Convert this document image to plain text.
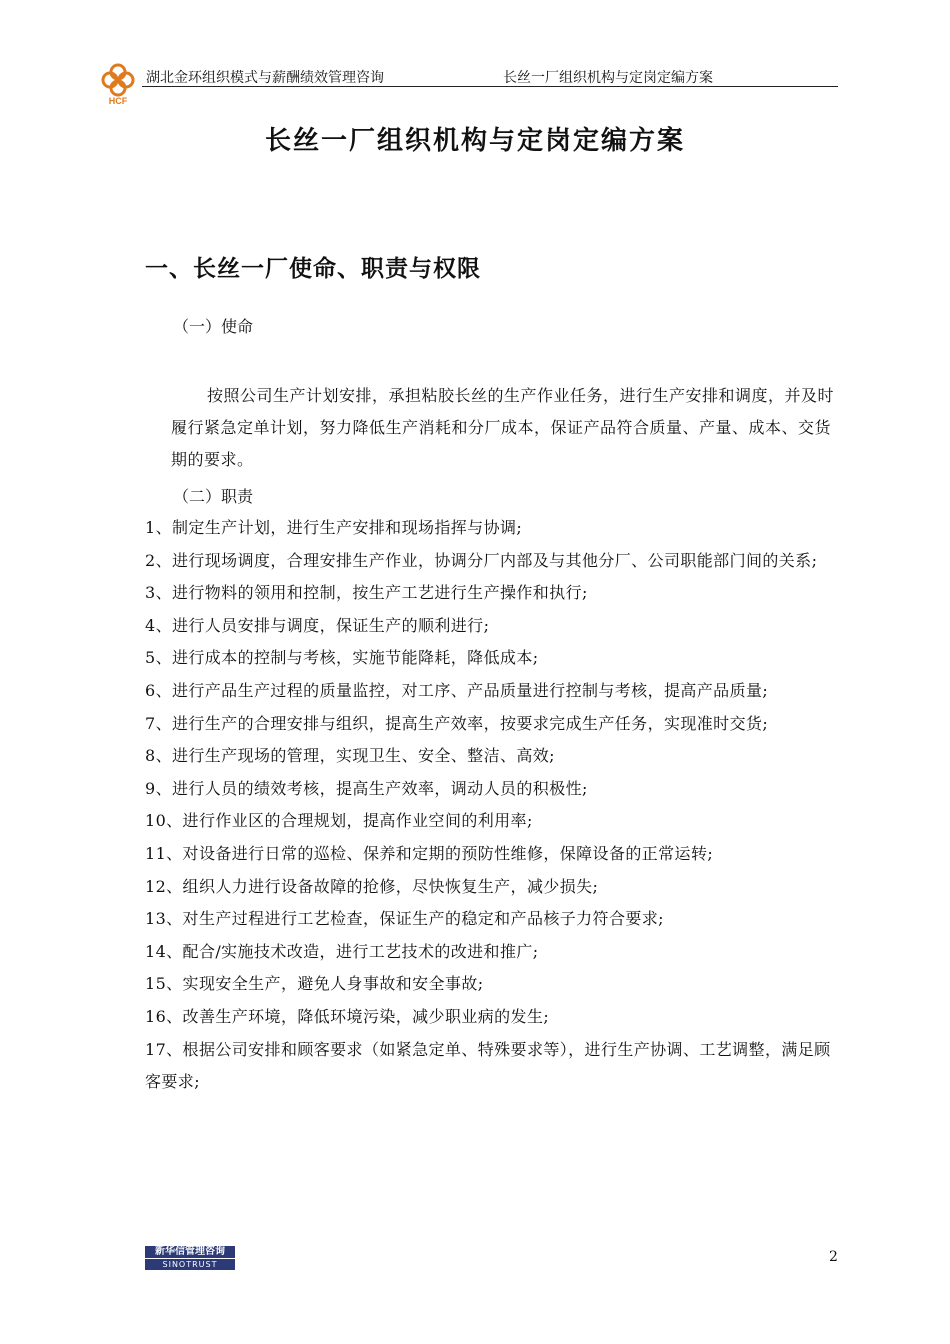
HCF
湖北金环组织模式与薪酬绩效管理咨询	长丝一厂组织机构与定岗定编方案
长丝一厂组织机构与定岗定编方案
一、长丝一厂使命、职责与权限
（一）使命

按照公司生产计划安排，承担粘胶长丝的生产作业任务，进行生产安排和调度，并及时履行紧急定单计划，努力降低生产消耗和分厂成本，保证产品符合质量、产量、成本、交货期的要求。

（二）职责
1、制定生产计划，进行生产安排和现场指挥与协调;
2、进行现场调度，合理安排生产作业，协调分厂内部及与其他分厂、公司职能部门间的关系;
3、进行物料的领用和控制，按生产工艺进行生产操作和执行;
4、进行人员安排与调度，保证生产的顺利进行;
5、进行成本的控制与考核，实施节能降耗，降低成本;
6、进行产品生产过程的质量监控，对工序、产品质量进行控制与考核，提高产品质量;
7、进行生产的合理安排与组织，提高生产效率，按要求完成生产任务，实现准时交货;
8、进行生产现场的管理，实现卫生、安全、整洁、高效;
9、进行人员的绩效考核，提高生产效率，调动人员的积极性;
10、进行作业区的合理规划，提高作业空间的利用率;
11、对设备进行日常的巡检、保养和定期的预防性维修，保障设备的正常运转;
12、组织人力进行设备故障的抢修，尽快恢复生产，减少损失;
13、对生产过程进行工艺检查，保证生产的稳定和产品核子力符合要求;
14、配合/实施技术改造，进行工艺技术的改进和推广;
15、实现安全生产，避免人身事故和安全事故;
16、改善生产环境，降低环境污染，减少职业病的发生;
17、根据公司安排和顾客要求（如紧急定单、特殊要求等），进行生产协调、工艺调整，满足顾客要求;
新华信管理咨询
SINOTRUST	2
